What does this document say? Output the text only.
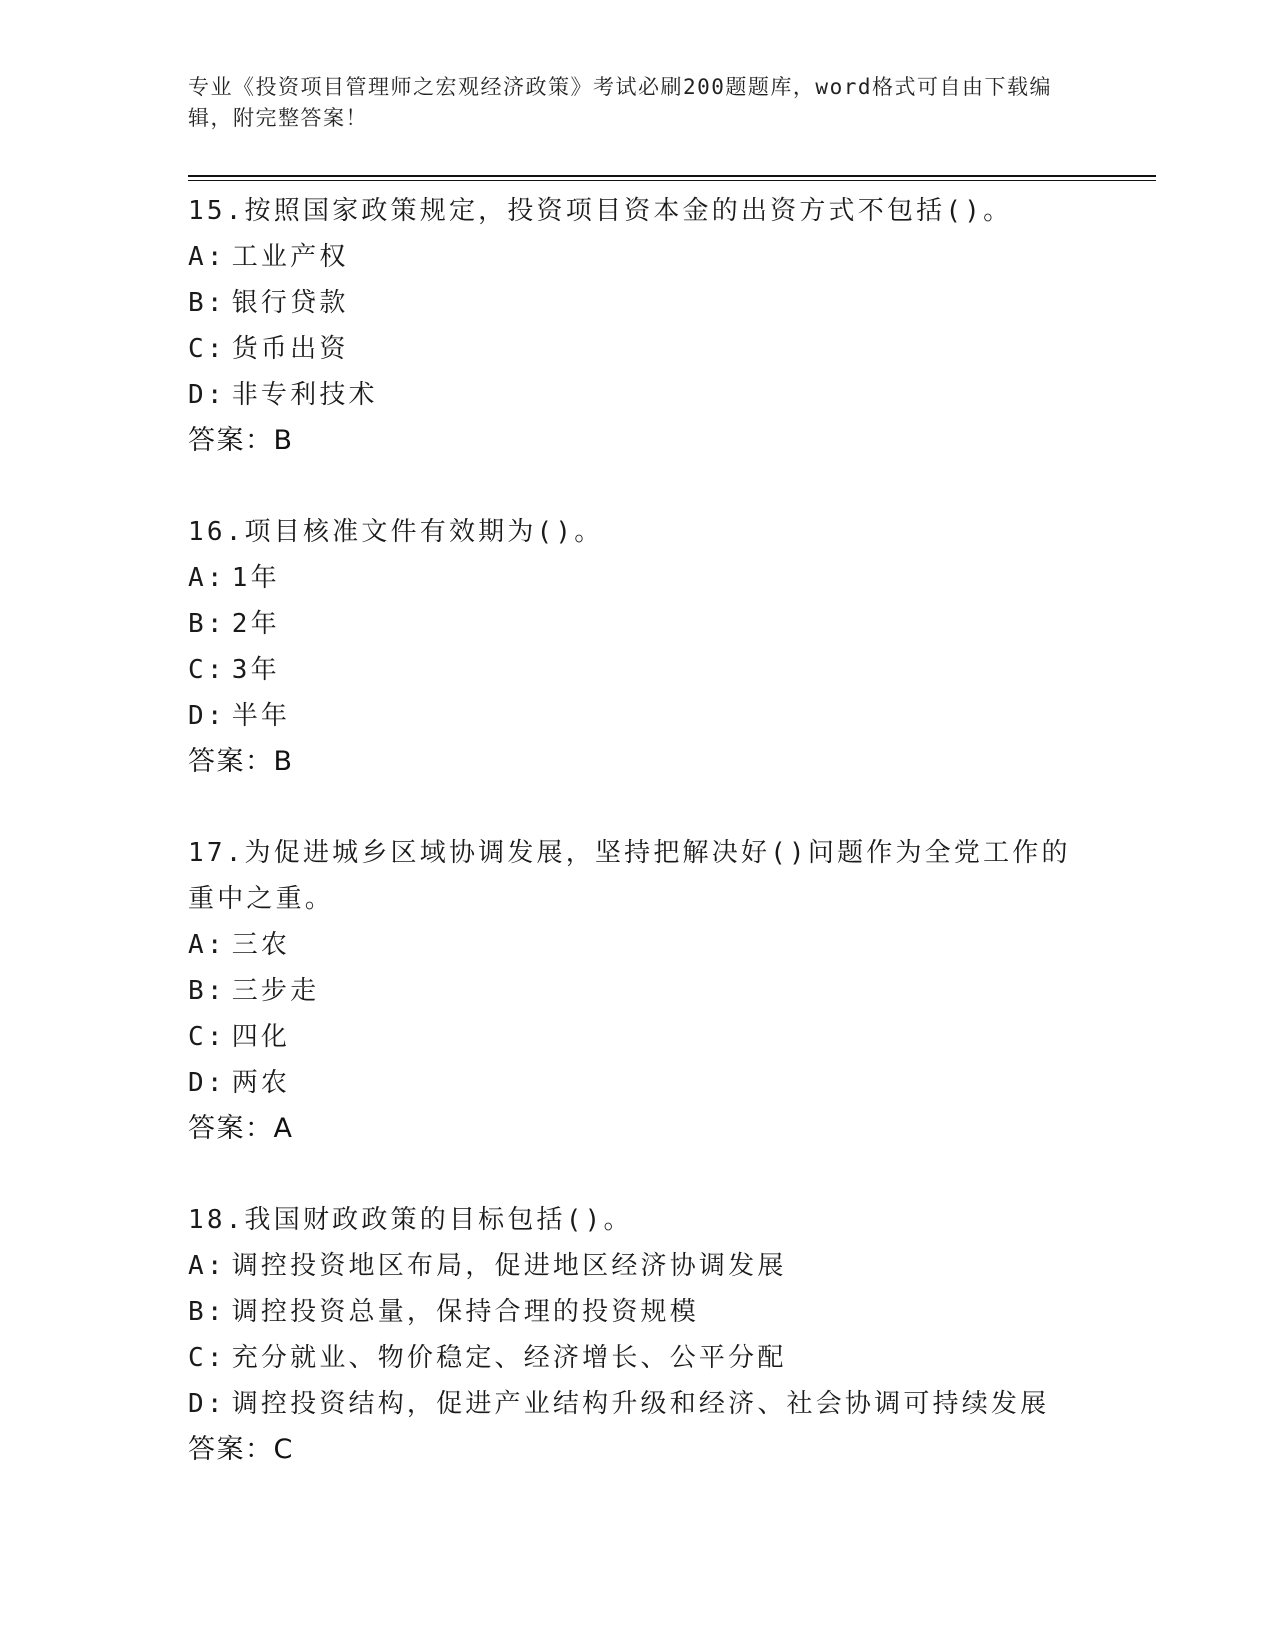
专业《投资项目管理师之宏观经济政策》考试必刷200题题库，word格式可自由下载编辑，附完整答案！
15.按照国家政策规定，投资项目资本金的出资方式不包括()。
A: 工业产权
B: 银行贷款
C: 货币出资
D: 非专利技术
答案：B
16.项目核准文件有效期为()。
A: 1年
B: 2年
C: 3年
D: 半年
答案：B
17.为促进城乡区域协调发展，坚持把解决好()问题作为全党工作的重中之重。
A: 三农
B: 三步走
C: 四化
D: 两农
答案：A
18.我国财政政策的目标包括()。
A: 调控投资地区布局，促进地区经济协调发展
B: 调控投资总量，保持合理的投资规模
C: 充分就业、物价稳定、经济增长、公平分配
D: 调控投资结构，促进产业结构升级和经济、社会协调可持续发展
答案：C
